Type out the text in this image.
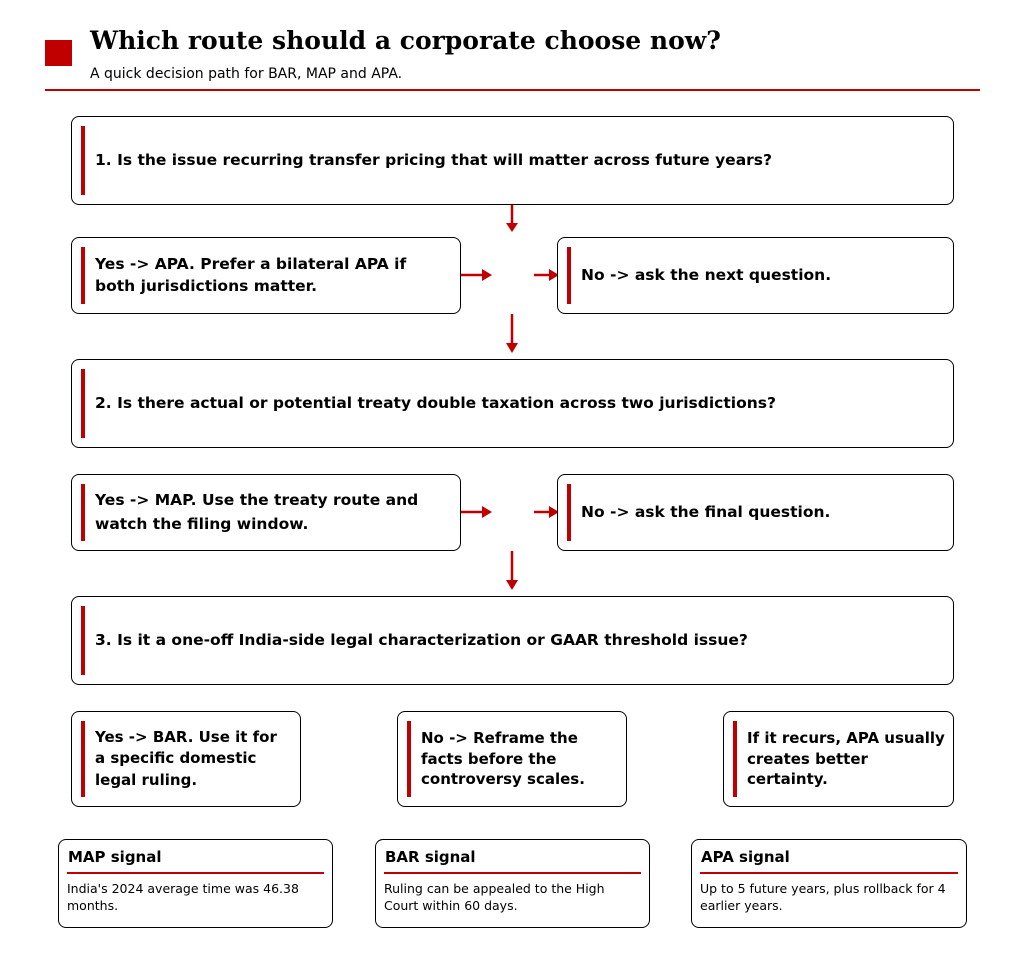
Which route should a corporate choose now?
A quick decision path for BAR, MAP and APA.
1. Is the issue recurring transfer pricing that will matter across future years?
Yes -> APA. Prefer a bilateral APA if both jurisdictions matter.
No -> ask the next question.
2. Is there actual or potential treaty double taxation across two jurisdictions?
Yes -> MAP. Use the treaty route and watch the filing window.
No -> ask the final question.
3. Is it a one-off India-side legal characterization or GAAR threshold issue?
Yes -> BAR. Use it for a specific domestic legal ruling.
No -> Reframe the facts before the controversy scales.
If it recurs, APA usually creates better certainty.
MAP signal
India's 2024 average time was 46.38 months.
BAR signal
Ruling can be appealed to the High Court within 60 days.
APA signal
Up to 5 future years, plus rollback for 4 earlier years.
